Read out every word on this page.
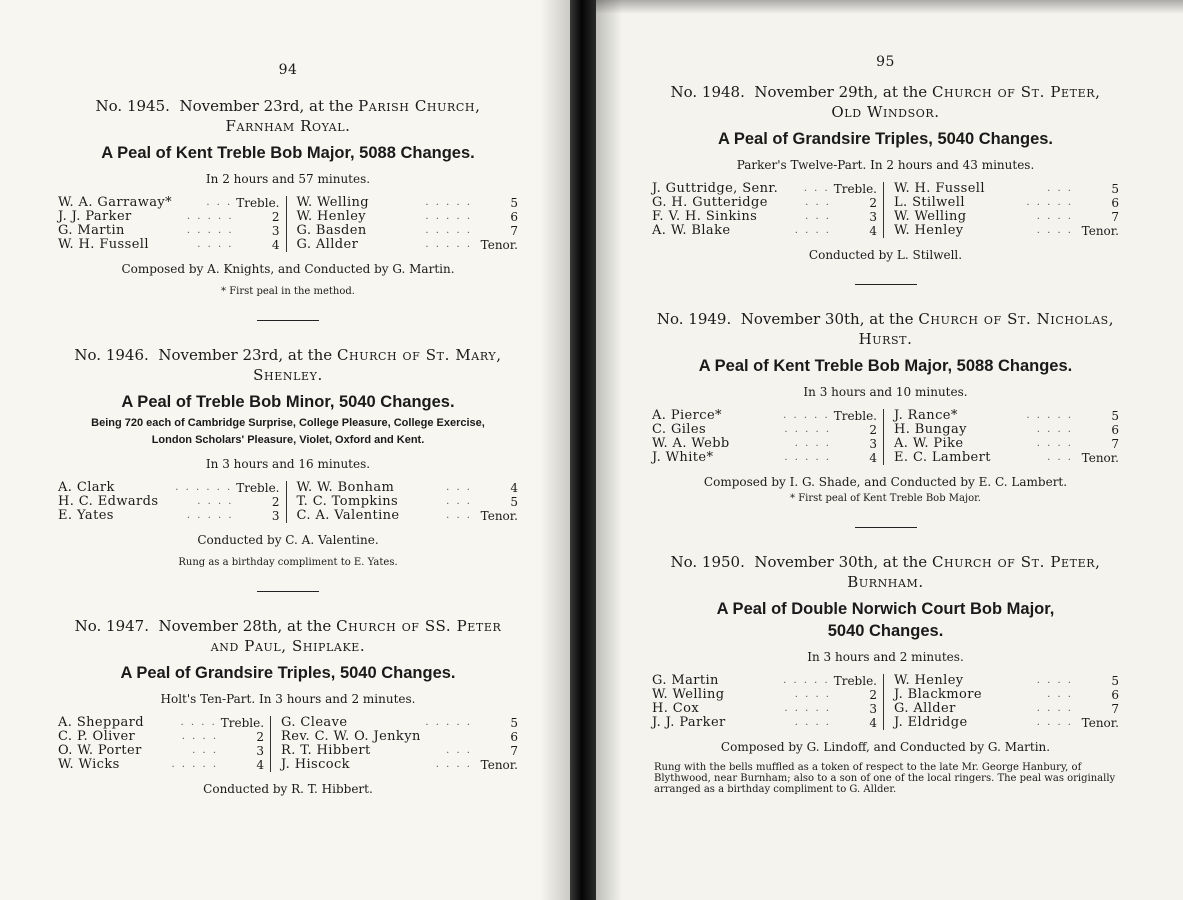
94
No. 1945. November 23rd, at the Parish Church,
Farnham Royal.
A Peal of Kent Treble Bob Major, 5088 Changes.
In 2 hours and 57 minutes.
W. A. Garraway*	. . . Treble.
J. J. Parker	. . . . .	2
G. Martin	. . . . .	3
W. H. Fussell	. . . .	4
W. Welling	. . . . .	5
W. Henley	. . . . .	6
G. Basden	. . . . .	7
G. Allder	. . . . . Tenor.
Composed by A. Knights, and Conducted by G. Martin.
* First peal in the method.
No. 1946. November 23rd, at the Church of St. Mary,
Shenley.
A Peal of Treble Bob Minor, 5040 Changes.
Being 720 each of Cambridge Surprise, College Pleasure, College Exercise,
London Scholars' Pleasure, Violet, Oxford and Kent.
In 3 hours and 16 minutes.
A. Clark	. . . . . . Treble.
H. C. Edwards	. . . .	2
E. Yates	. . . . .	3
W. W. Bonham	. . .	4
T. C. Tompkins	. . .	5
C. A. Valentine	. . . Tenor.
Conducted by C. A. Valentine.
Rung as a birthday compliment to E. Yates.
No. 1947. November 28th, at the Church of SS. Peter
and Paul, Shiplake.
A Peal of Grandsire Triples, 5040 Changes.
Holt's Ten-Part. In 3 hours and 2 minutes.
A. Sheppard	. . . . Treble.
C. P. Oliver	. . . .	2
O. W. Porter	. . .	3
W. Wicks	. . . . .	4
G. Cleave	. . . . .	5
Rev. C. W. O. Jenkyn	6
R. T. Hibbert	. . .	7
J. Hiscock	. . . . Tenor.
Conducted by R. T. Hibbert.
95
No. 1948. November 29th, at the Church of St. Peter,
Old Windsor.
A Peal of Grandsire Triples, 5040 Changes.
Parker's Twelve-Part. In 2 hours and 43 minutes.
J. Guttridge, Senr.	. . . Treble.
G. H. Gutteridge	. . .	2
F. V. H. Sinkins	. . .	3
A. W. Blake	. . . .	4
W. H. Fussell	. . .	5
L. Stilwell	. . . . .	6
W. Welling	. . . .	7
W. Henley	. . . . Tenor.
Conducted by L. Stilwell.
No. 1949. November 30th, at the Church of St. Nicholas,
Hurst.
A Peal of Kent Treble Bob Major, 5088 Changes.
In 3 hours and 10 minutes.
A. Pierce*	. . . . . Treble.
C. Giles	. . . . .	2
W. A. Webb	. . . .	3
J. White*	. . . . .	4
J. Rance*	. . . . .	5
H. Bungay	. . . .	6
A. W. Pike	. . . .	7
E. C. Lambert	. . . Tenor.
Composed by I. G. Shade, and Conducted by E. C. Lambert.
* First peal of Kent Treble Bob Major.
No. 1950. November 30th, at the Church of St. Peter,
Burnham.
A Peal of Double Norwich Court Bob Major,
5040 Changes.
In 3 hours and 2 minutes.
G. Martin	. . . . . Treble.
W. Welling	. . . .	2
H. Cox	. . . . .	3
J. J. Parker	. . . .	4
W. Henley	. . . .	5
J. Blackmore	. . .	6
G. Allder	. . . .	7
J. Eldridge	. . . . Tenor.
Composed by G. Lindoff, and Conducted by G. Martin.
Rung with the bells muffled as a token of respect to the late Mr. George Hanbury, of Blythwood, near Burnham; also to a son of one of the local ringers. The peal was originally arranged as a birthday compliment to G. Allder.
